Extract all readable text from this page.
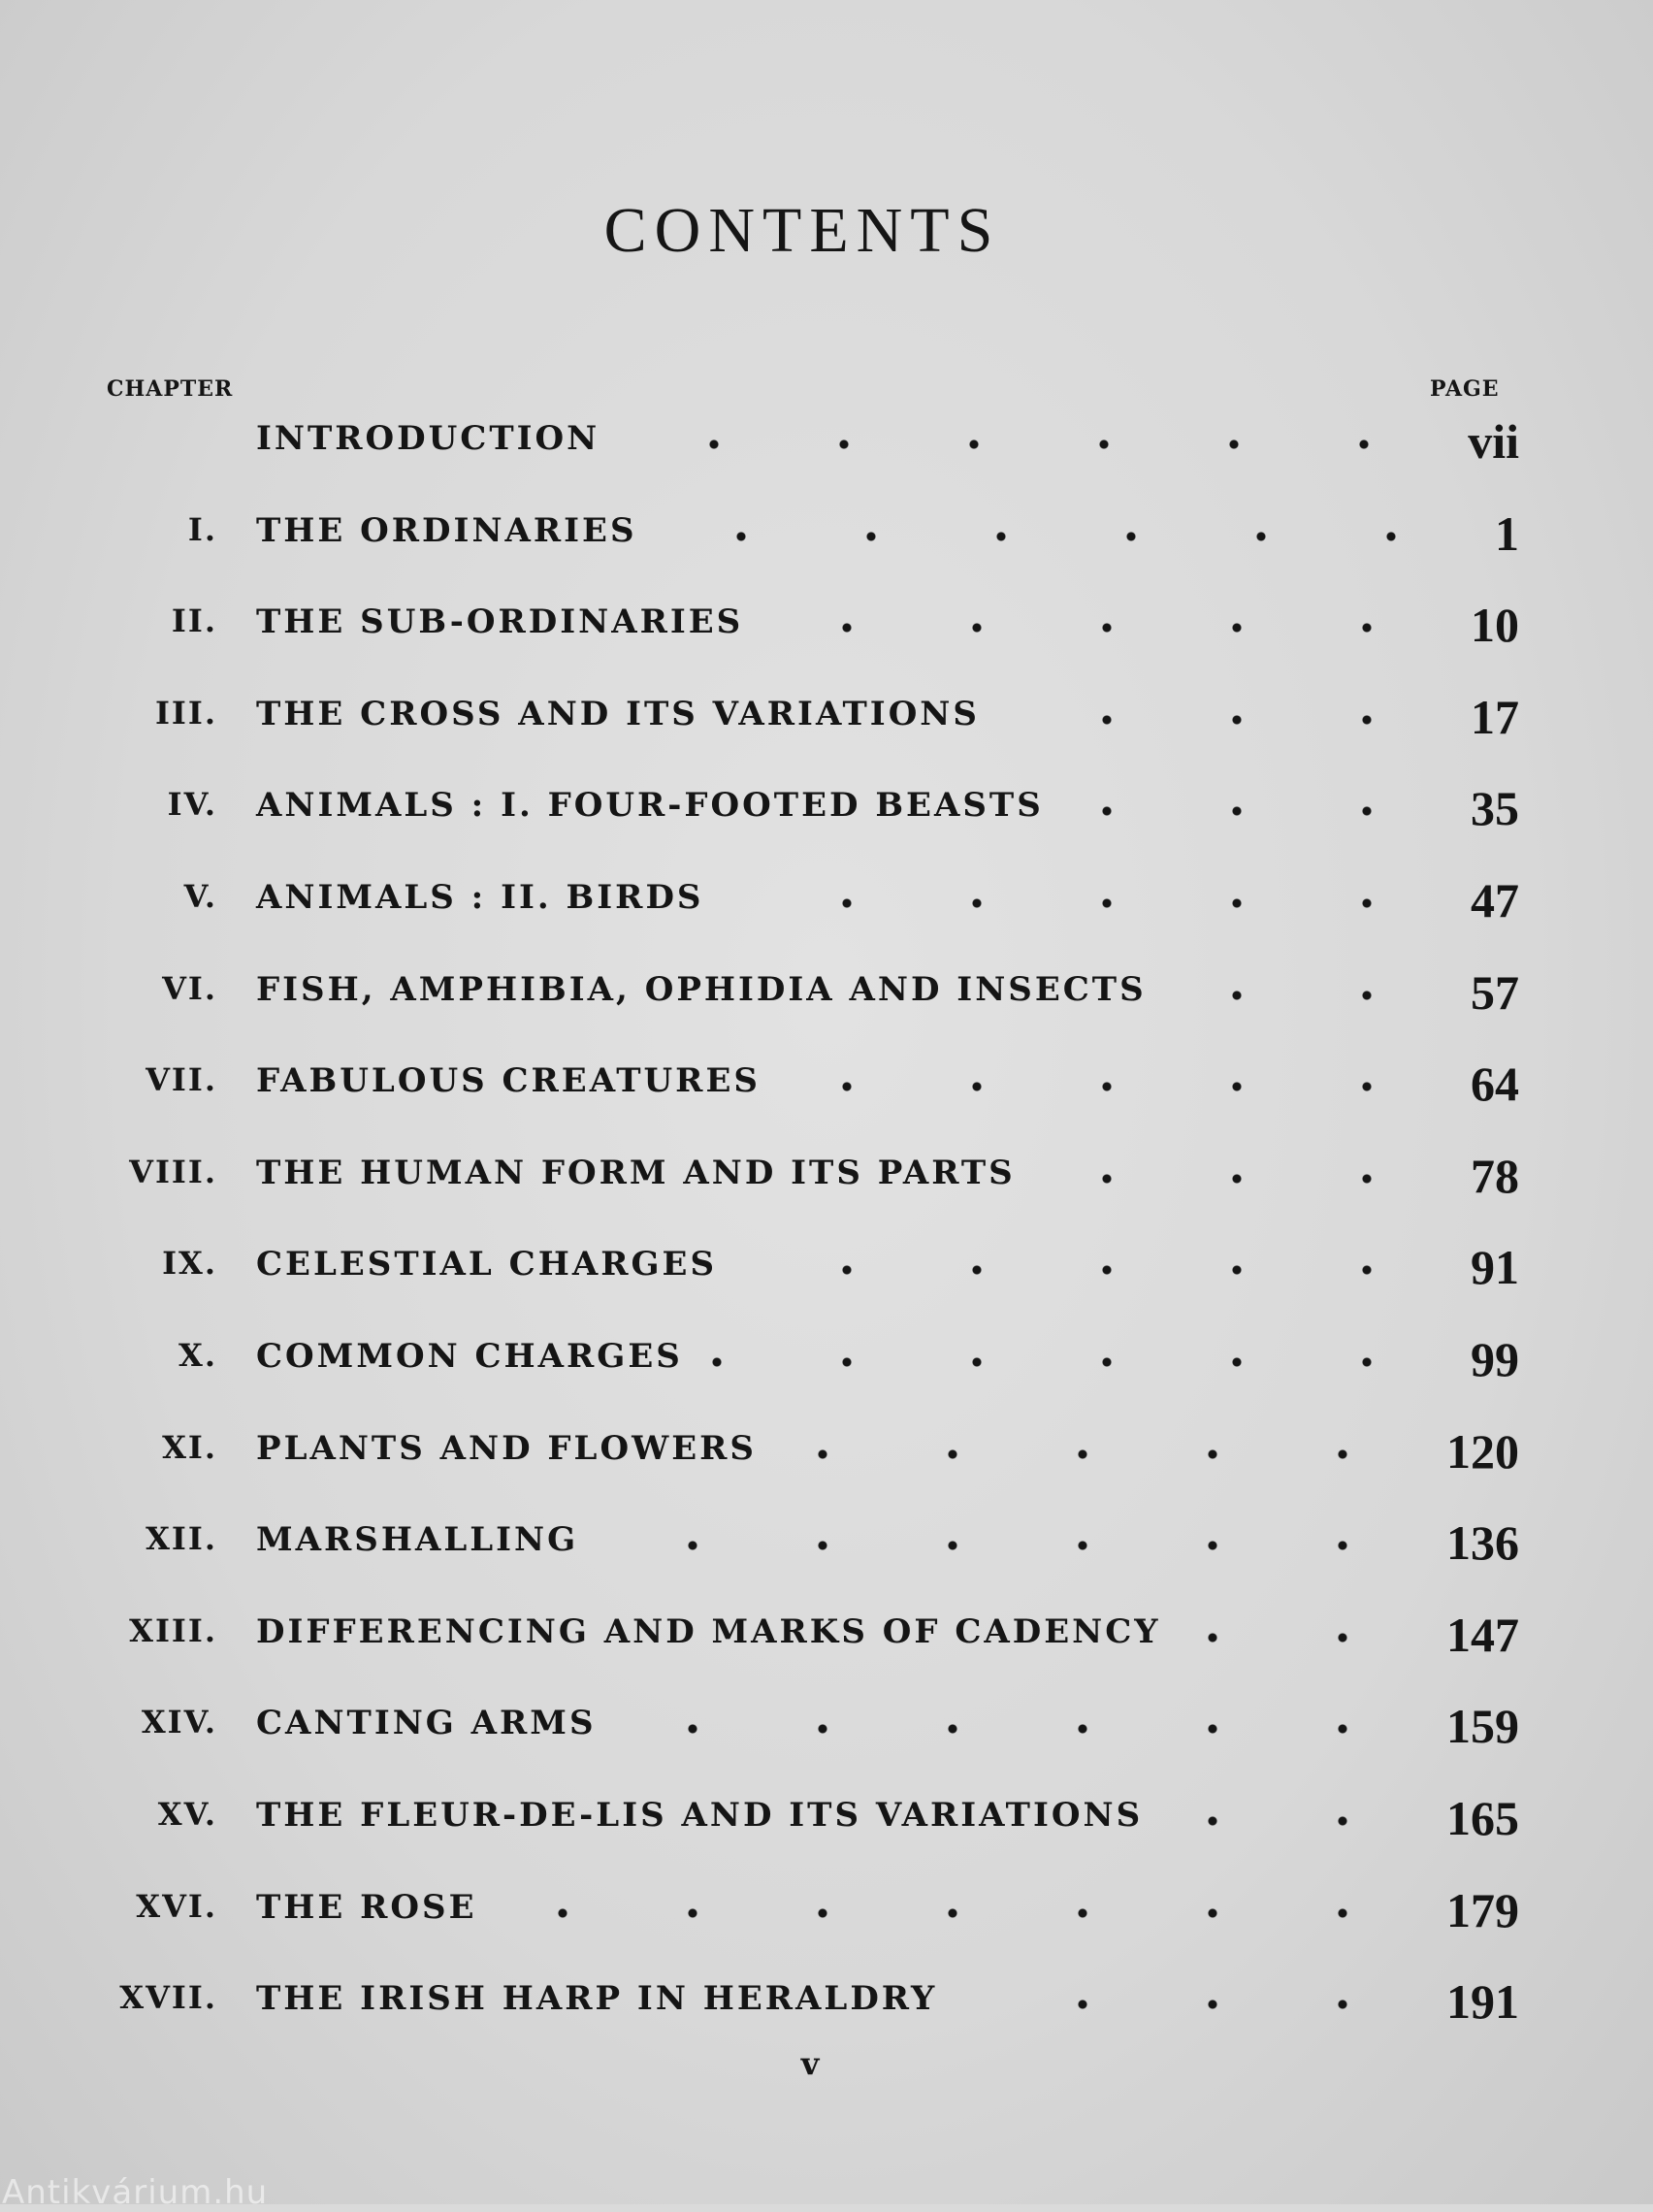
CONTENTS
CHAPTER	PAGE
INTRODUCTION	vii
I. THE ORDINARIES	1
II. THE SUB-ORDINARIES	10
III. THE CROSS AND ITS VARIATIONS	17
IV. ANIMALS : I. FOUR-FOOTED BEASTS	35
V. ANIMALS : II. BIRDS	47
VI. FISH, AMPHIBIA, OPHIDIA AND INSECTS	57
VII. FABULOUS CREATURES	64
VIII. THE HUMAN FORM AND ITS PARTS	78
IX. CELESTIAL CHARGES	91
X. COMMON CHARGES	99
XI. PLANTS AND FLOWERS	120
XII. MARSHALLING	136
XIII. DIFFERENCING AND MARKS OF CADENCY	147
XIV. CANTING ARMS	159
XV. THE FLEUR-DE-LIS AND ITS VARIATIONS	165
XVI. THE ROSE	179
XVII. THE IRISH HARP IN HERALDRY	191
v
Antikvárium.hu
